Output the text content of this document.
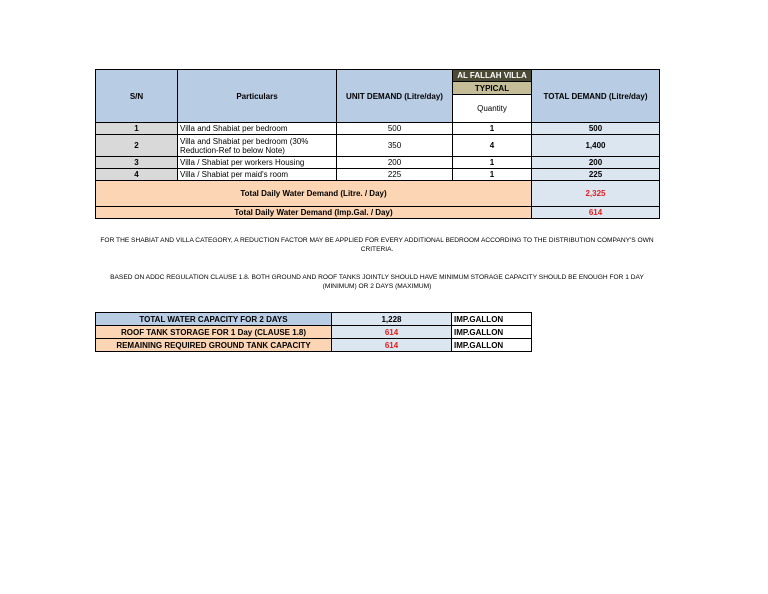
S/N	Particulars	UNIT DEMAND (Litre/day)	AL FALLAH VILLA	TOTAL DEMAND (Litre/day)
			TYPICAL	
			Quantity	
1	Villa and Shabiat per bedroom	500	1	500
2	Villa and Shabiat per bedroom (30% Reduction-Ref to below Note)	350	4	1,400
3	Villa / Shabiat per workers Housing	200	1	200
4	Villa / Shabiat per maid's room	225	1	225
Total Daily Water Demand (Litre. / Day)				2,325
Total Daily Water Demand (Imp.Gal. / Day)				614
FOR THE SHABIAT AND VILLA CATEGORY, A REDUCTION FACTOR MAY BE APPLIED FOR EVERY ADDITIONAL BEDROOM ACCORDING TO THE DISTRIBUTION COMPANY'S OWN CRITERIA.
BASED ON ADDC REGULATION CLAUSE 1.8. BOTH GROUND AND ROOF TANKS JOINTLY SHOULD HAVE MINIMUM STORAGE CAPACITY SHOULD BE ENOUGH FOR 1 DAY (MINIMUM) OR 2 DAYS (MAXIMUM)
TOTAL WATER CAPACITY FOR 2 DAYS	1,228	IMP.GALLON
ROOF TANK STORAGE FOR 1 Day (CLAUSE 1.8)	614	IMP.GALLON
REMAINING REQUIRED GROUND TANK CAPACITY	614	IMP.GALLON
